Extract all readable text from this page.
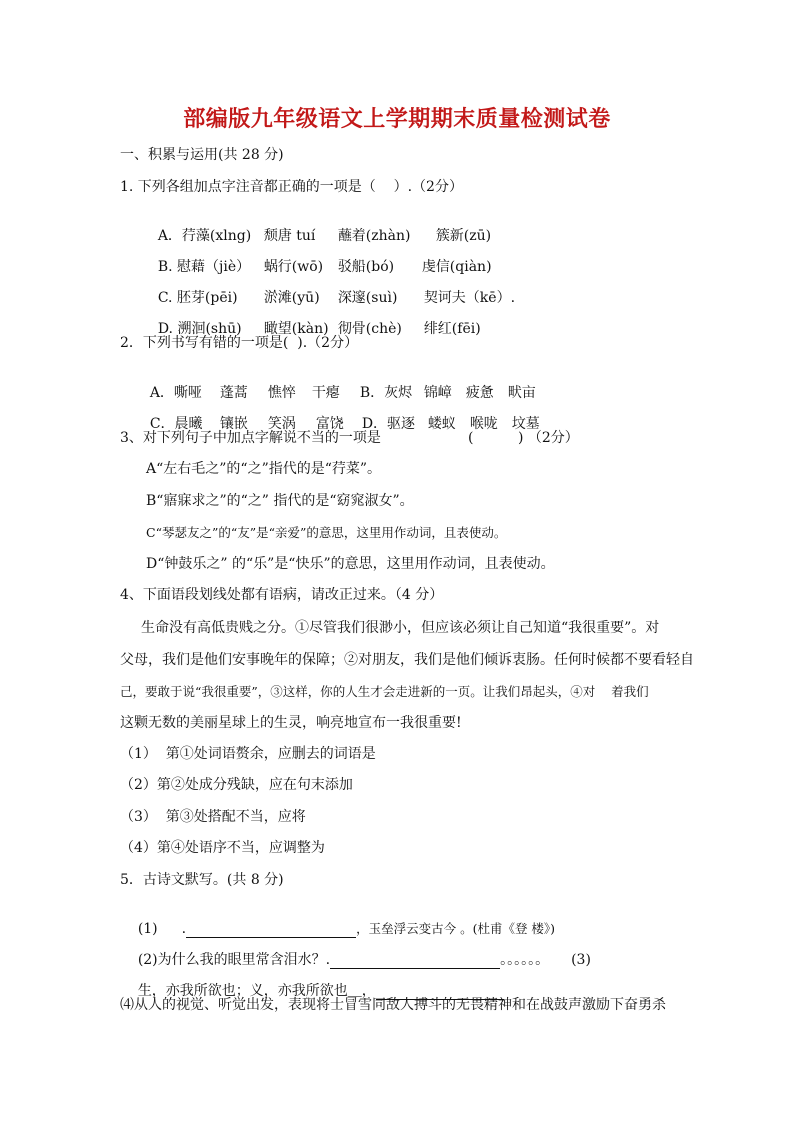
部编版九年级语文上学期期末质量检测试卷
一、积累与运用(共 28 分)
1. 下列各组加点字注音都正确的一项是（    ）.（2分）

A．荇藻(xlng) 颓唐 tuí 蘸着(zhàn) 簇新(zū)

B. 慰藉（jiè） 蜗行(wō) 驳船(bó) 虔信(qiàn)

C. 胚芽(pēi) 淤滩(yū) 深邃(suì) 契诃夫（kē）.

D. 溯洄(shū) 瞰望(kàn) 彻骨(chè) 绯红(fēi)

2．下列书写有错的一项是(  ).（2分）

A．嘶哑 蓬蒿 憔悴 干瘪 B．灰烬 锦嶂 疲惫 畎亩

C．晨曦 镶嵌 笑涡 富饶 D．驱逐 蝼蚁 喉咙 坟墓

3、对下列句子中加点字解说不当的一项是	(          ) （2分）
A“左右毛之”的“之”指代的是“荇菜”。
B“寤寐求之”的“之” 指代的是“窈窕淑女”。
C“琴瑟友之”的“友”是“亲爱”的意思，这里用作动词，且表使动。
D“钟鼓乐之” 的“乐”是“快乐”的意思，这里用作动词，且表使动。
4、下面语段划线处都有语病，请改正过来。（4 分）
生命没有高低贵贱之分。①尽管我们很渺小，但应该必须让自己知道“我很重要”。对
父母，我们是他们安事晚年的保障；②对朋友，我们是他们倾诉衷肠。任何时候都不要看轻自
己，要敢于说“我很重要”，③这样，你的人生才会走进新的一页。让我们昂起头，④对    着我们
这颗无数的美丽星球上的生灵，响亮地宣布一我很重要!
（1）  第①处词语赘余，应删去的词语是
（2）第②处成分残缺，应在句末添加
（3）  第③处搭配不当，应将
（4）第④处语序不当，应调整为
5．古诗文默写。(共 8 分)

(1) .	，玉垒浮云变古今 。(杜甫《登 楼》)

(2)为什么我的眼里常含泪水？.	。。。。。。 (3)

生，亦我所欲也；义，亦我所欲也＿，

⑷从人的视觉、听觉出发，表现将士冒雪同敌人搏斗的无畏精神和在战鼓声激励下奋勇杀
